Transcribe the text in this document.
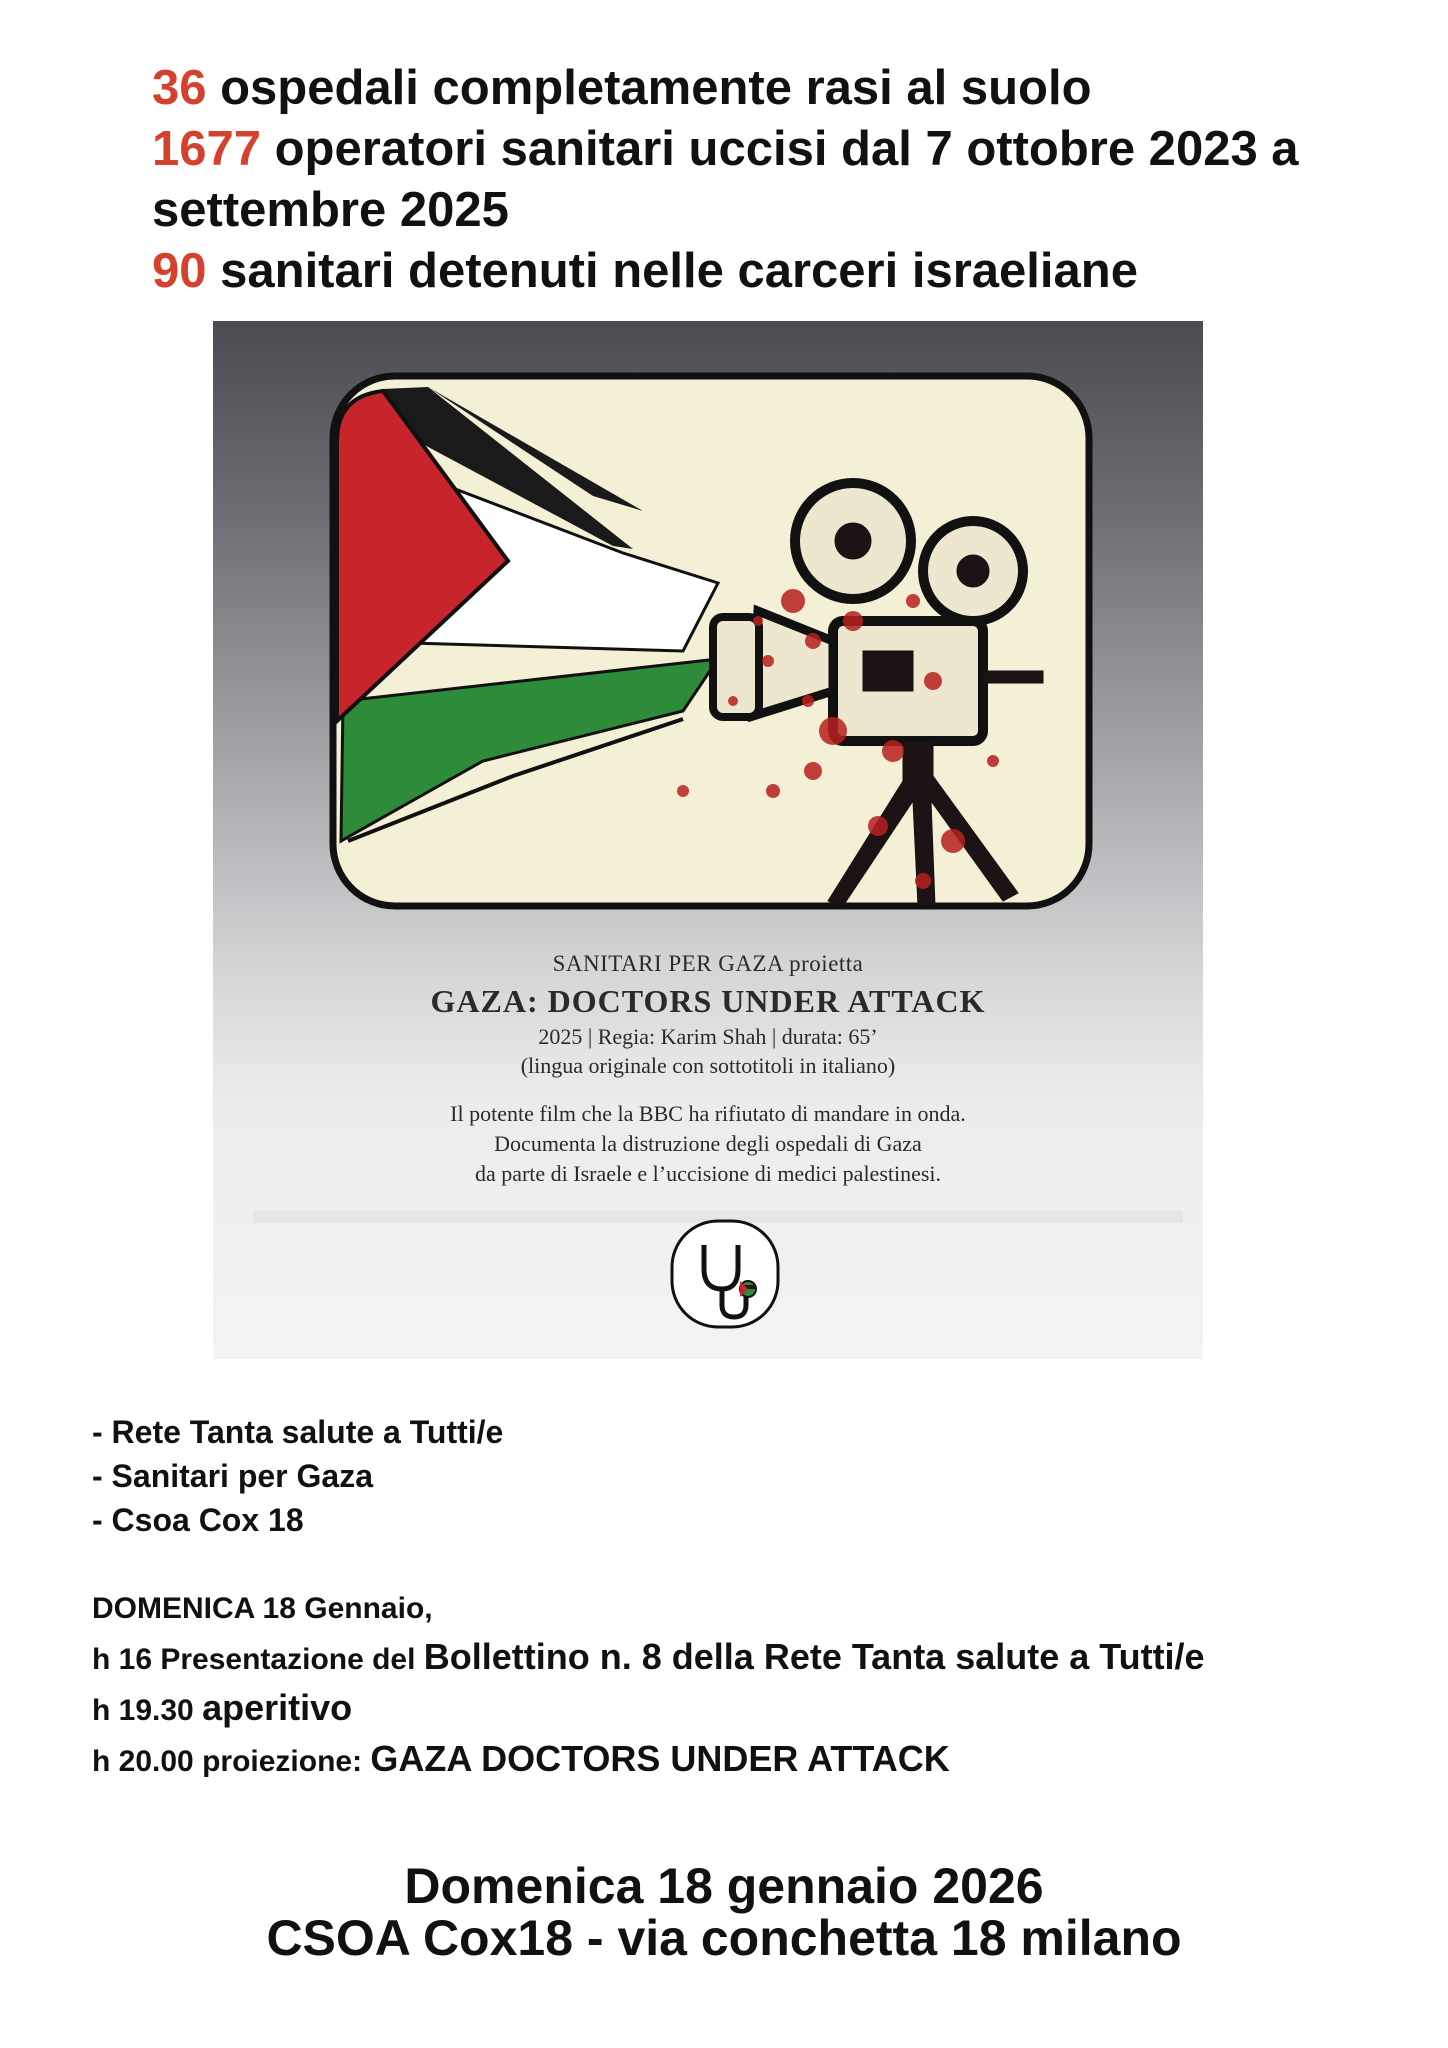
36 ospedali completamente rasi al suolo
1677 operatori sanitari uccisi dal 7 ottobre 2023 a settembre 2025
90 sanitari detenuti nelle carceri israeliane
SANITARI PER GAZA proietta
GAZA: DOCTORS UNDER ATTACK
2025 | Regia: Karim Shah | durata: 65’
(lingua originale con sottotitoli in italiano)
Il potente film che la BBC ha rifiutato di mandare in onda.
Documenta la distruzione degli ospedali di Gaza
da parte di Israele e l’uccisione di medici palestinesi.
- Rete Tanta salute a Tutti/e
- Sanitari per Gaza
- Csoa Cox 18
DOMENICA 18 Gennaio,
h 16 Presentazione del Bollettino n. 8 della Rete Tanta salute a Tutti/e
h 19.30 aperitivo
h 20.00 proiezione: GAZA DOCTORS UNDER ATTACK
Domenica 18 gennaio 2026
CSOA Cox18 - via conchetta 18 milano
